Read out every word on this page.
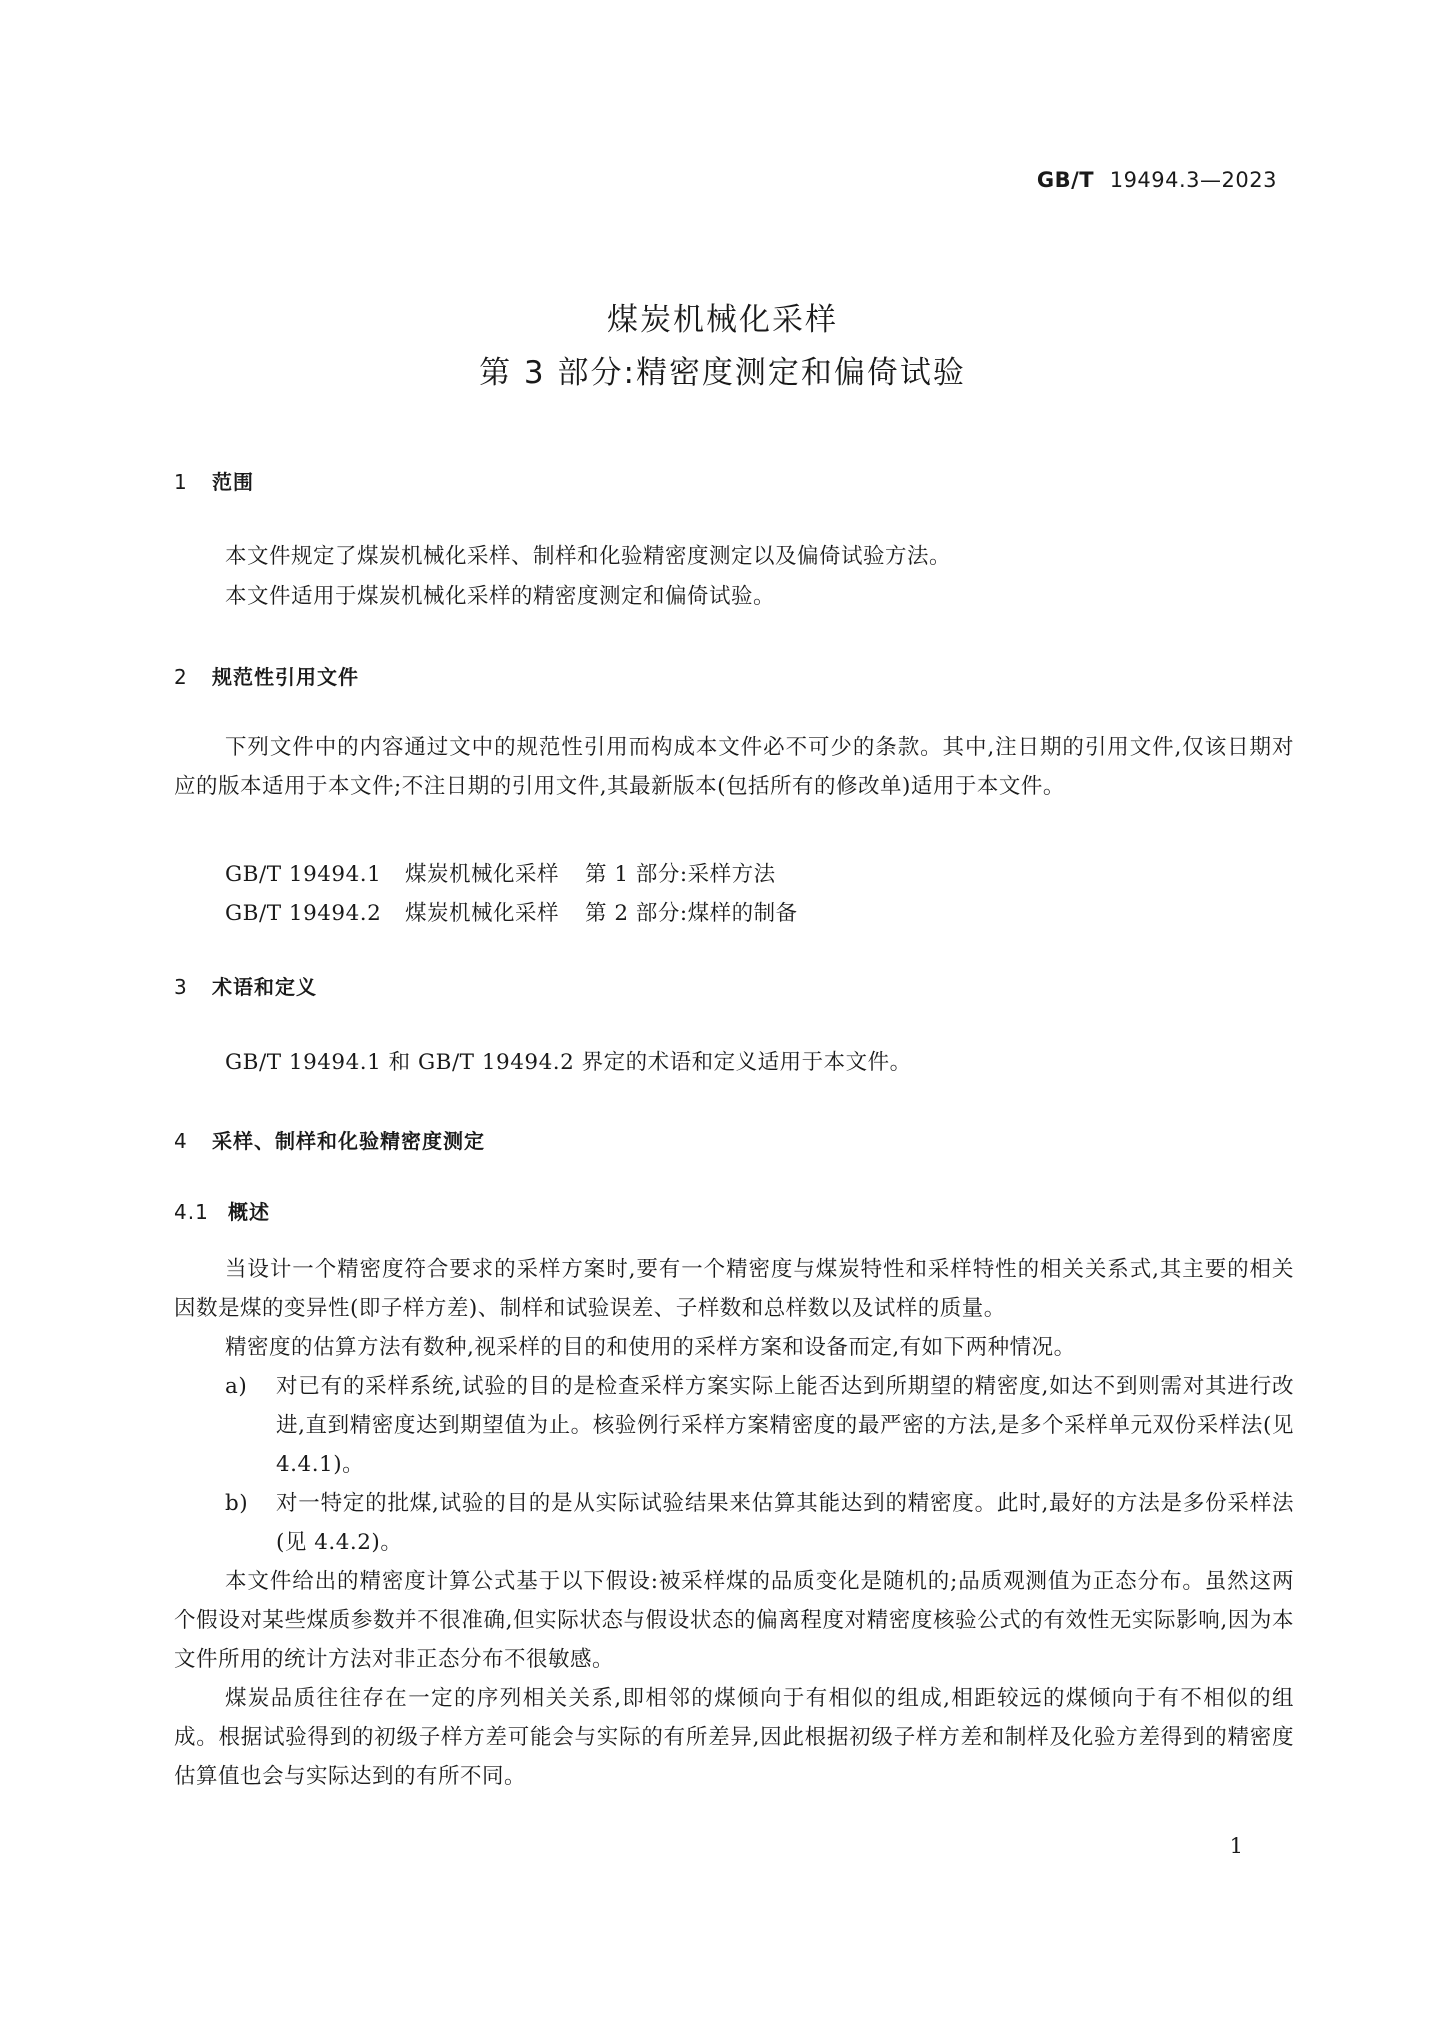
GB/T 19494.3—2023
煤炭机械化采样
第 3 部分:精密度测定和偏倚试验
1 范围
本文件规定了煤炭机械化采样、制样和化验精密度测定以及偏倚试验方法。
本文件适用于煤炭机械化采样的精密度测定和偏倚试验。
2 规范性引用文件
下列文件中的内容通过文中的规范性引用而构成本文件必不可少的条款。其中,注日期的引用文件,仅该日期对应的版本适用于本文件;不注日期的引用文件,其最新版本(包括所有的修改单)适用于本文件。
GB/T 19494.1 煤炭机械化采样 第 1 部分:采样方法
GB/T 19494.2 煤炭机械化采样 第 2 部分:煤样的制备
3 术语和定义
GB/T 19494.1 和 GB/T 19494.2 界定的术语和定义适用于本文件。
4 采样、制样和化验精密度测定
4.1 概述
当设计一个精密度符合要求的采样方案时,要有一个精密度与煤炭特性和采样特性的相关关系式,其主要的相关因数是煤的变异性(即子样方差)、制样和试验误差、子样数和总样数以及试样的质量。
精密度的估算方法有数种,视采样的目的和使用的采样方案和设备而定,有如下两种情况。
a) 对已有的采样系统,试验的目的是检查采样方案实际上能否达到所期望的精密度,如达不到则需对其进行改进,直到精密度达到期望值为止。核验例行采样方案精密度的最严密的方法,是多个采样单元双份采样法(见 4.4.1)。
b) 对一特定的批煤,试验的目的是从实际试验结果来估算其能达到的精密度。此时,最好的方法是多份采样法(见 4.4.2)。
本文件给出的精密度计算公式基于以下假设:被采样煤的品质变化是随机的;品质观测值为正态分布。虽然这两个假设对某些煤质参数并不很准确,但实际状态与假设状态的偏离程度对精密度核验公式的有效性无实际影响,因为本文件所用的统计方法对非正态分布不很敏感。
煤炭品质往往存在一定的序列相关关系,即相邻的煤倾向于有相似的组成,相距较远的煤倾向于有不相似的组成。根据试验得到的初级子样方差可能会与实际的有所差异,因此根据初级子样方差和制样及化验方差得到的精密度估算值也会与实际达到的有所不同。
1
